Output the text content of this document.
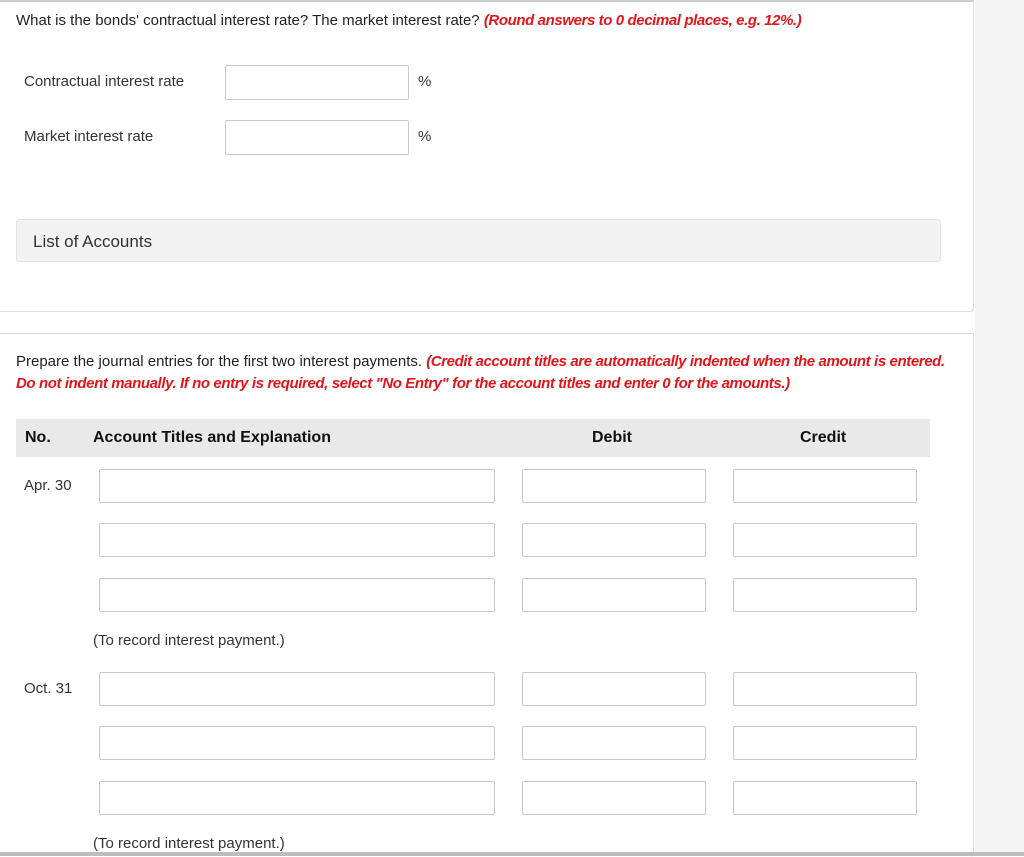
What is the bonds' contractual interest rate? The market interest rate? (Round answers to 0 decimal places, e.g. 12%.)
Contractual interest rate	%
Market interest rate	%
List of Accounts
Prepare the journal entries for the first two interest payments. (Credit account titles are automatically indented when the amount is entered. Do not indent manually. If no entry is required, select "No Entry" for the account titles and enter 0 for the amounts.)
No.	Account Titles and Explanation	Debit	Credit
Apr. 30
(To record interest payment.)
Oct. 31
(To record interest payment.)
